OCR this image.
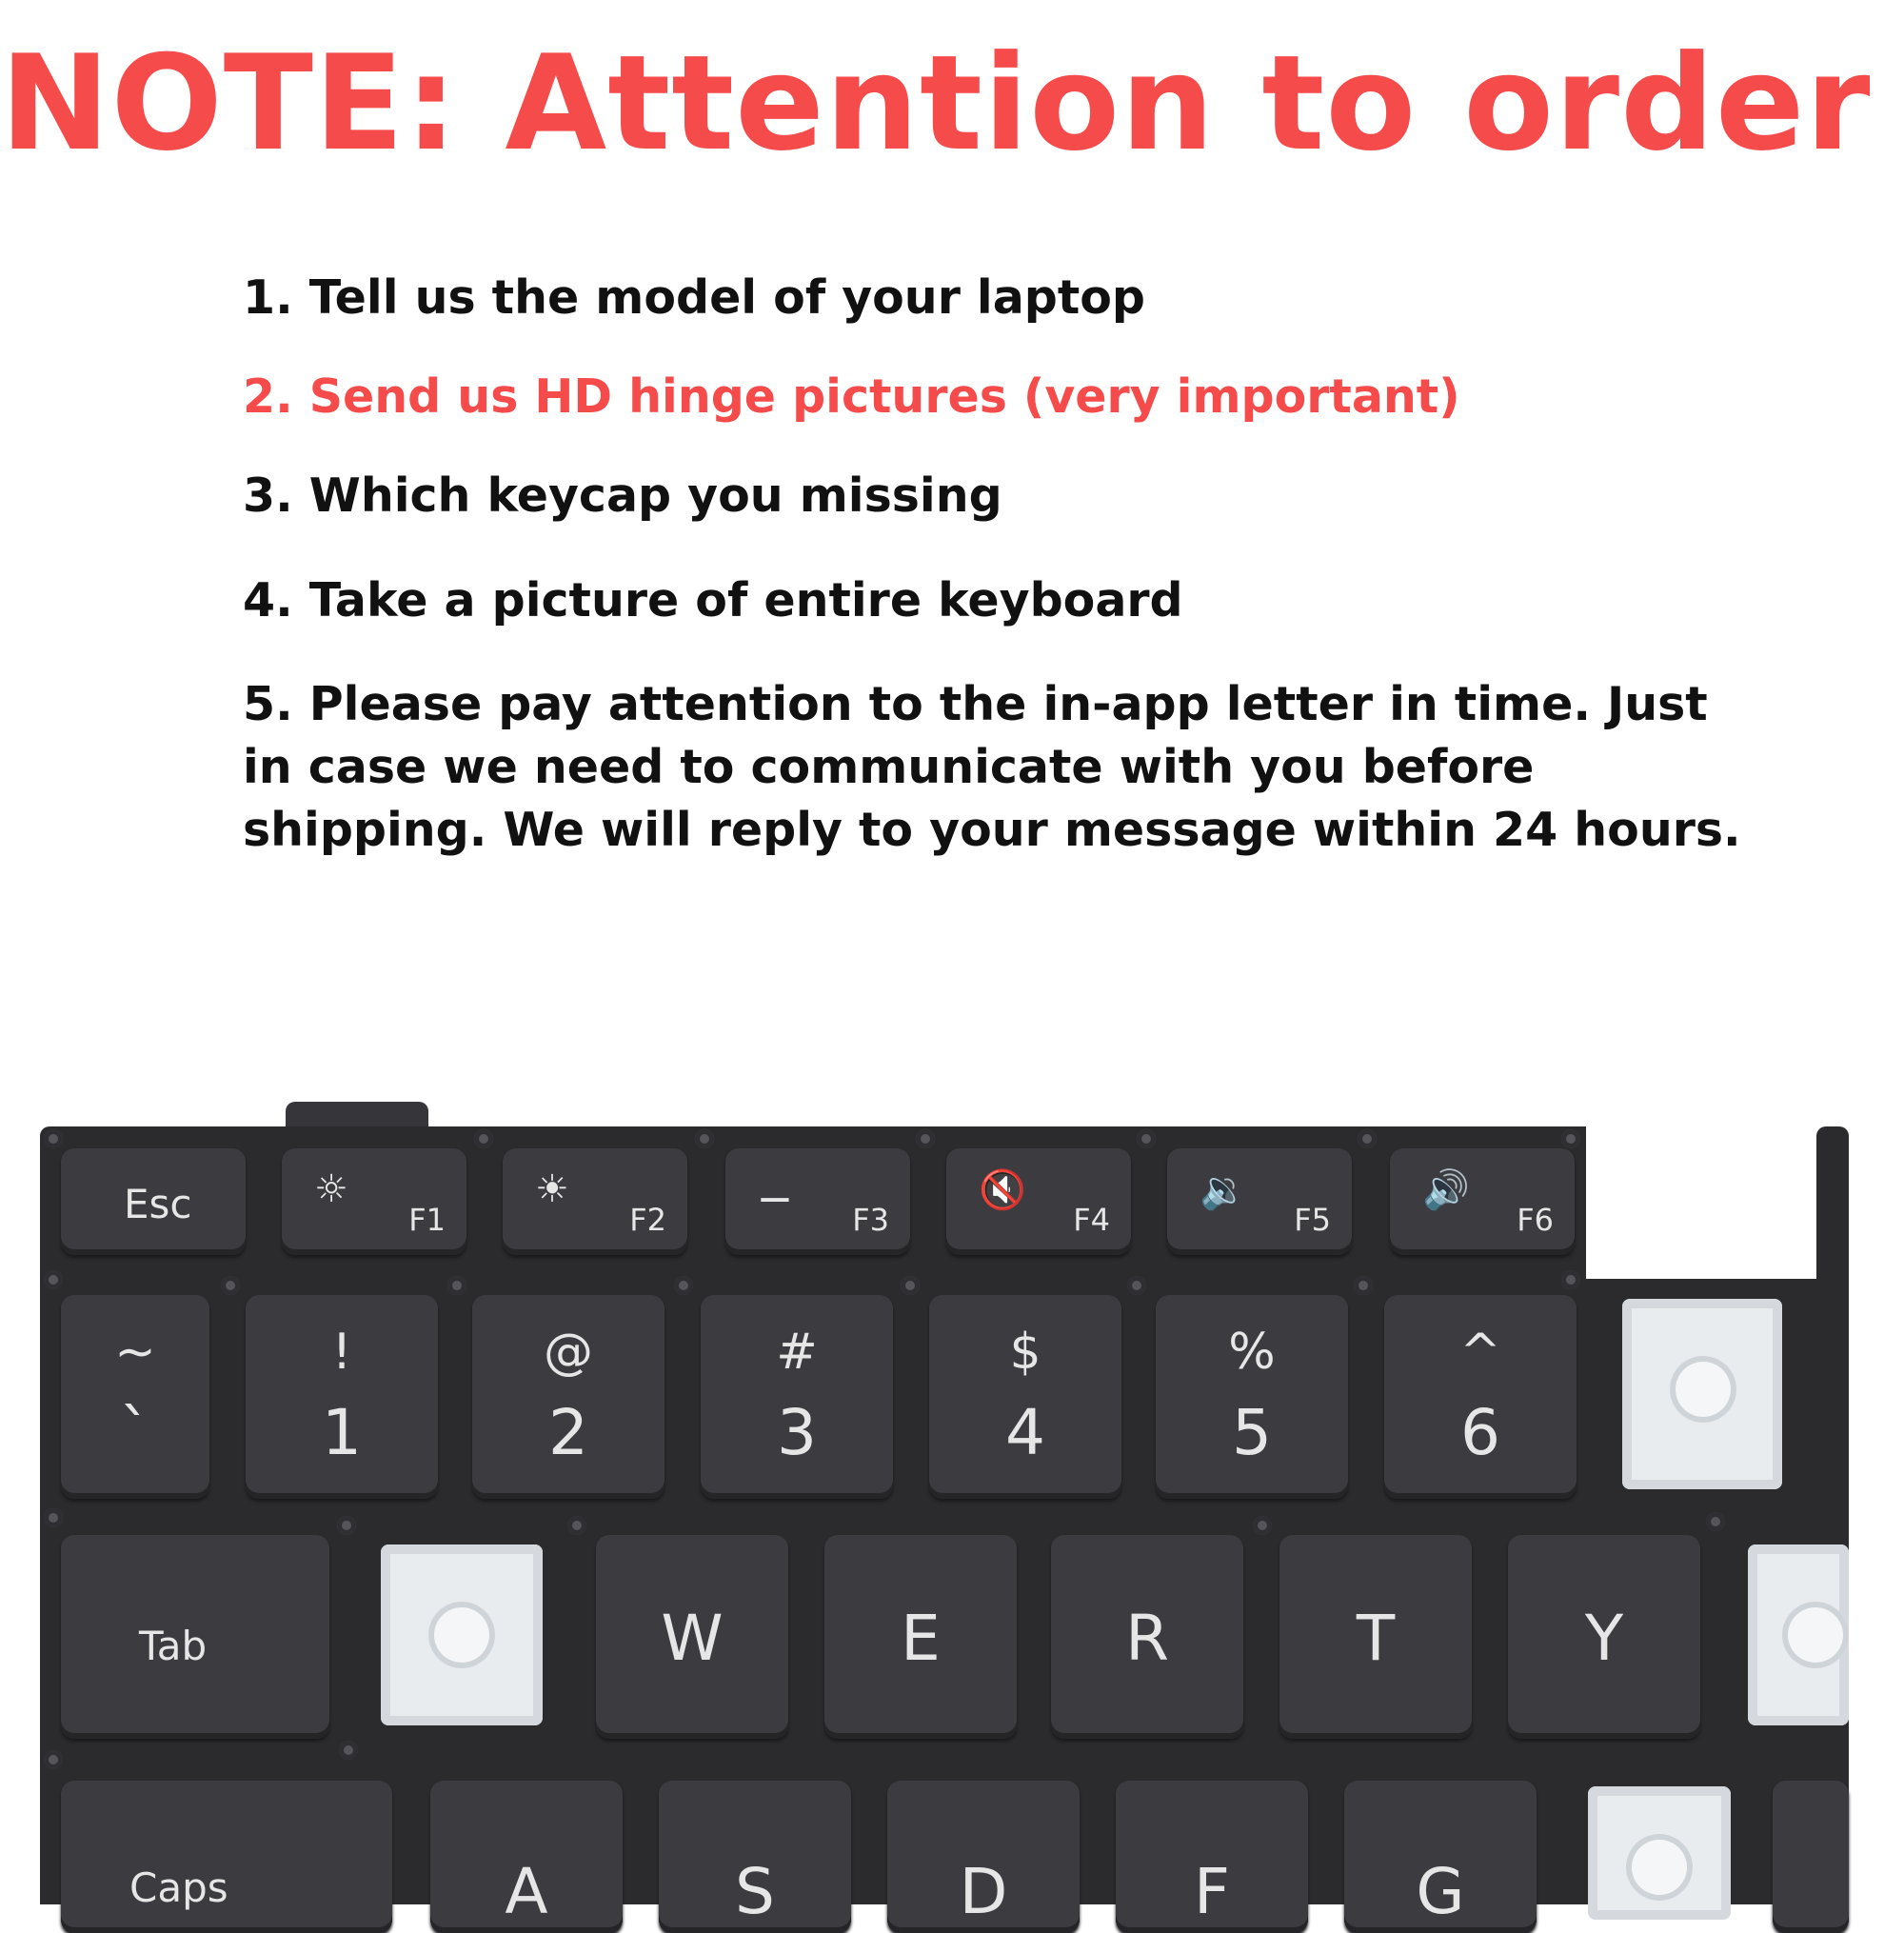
NOTE: Attention to order
1. Tell us the model of your laptop
2. Send us HD hinge pictures (very important)
3. Which keycap you missing
4. Take a picture of entire keyboard
5. Please pay attention to the in-app letter in time. Just in case we need to communicate with you before shipping. We will reply to your message within 24 hours.
Esc	☼
F1
☀
F2
⚊
F3
🔇
F4
🔉
F5
🔊
F6
~
`
!
1
@
2
#
3
$
4
%
5
^
6
Tab	W	E	R	T	Y
Caps	A	S	D	F	G
